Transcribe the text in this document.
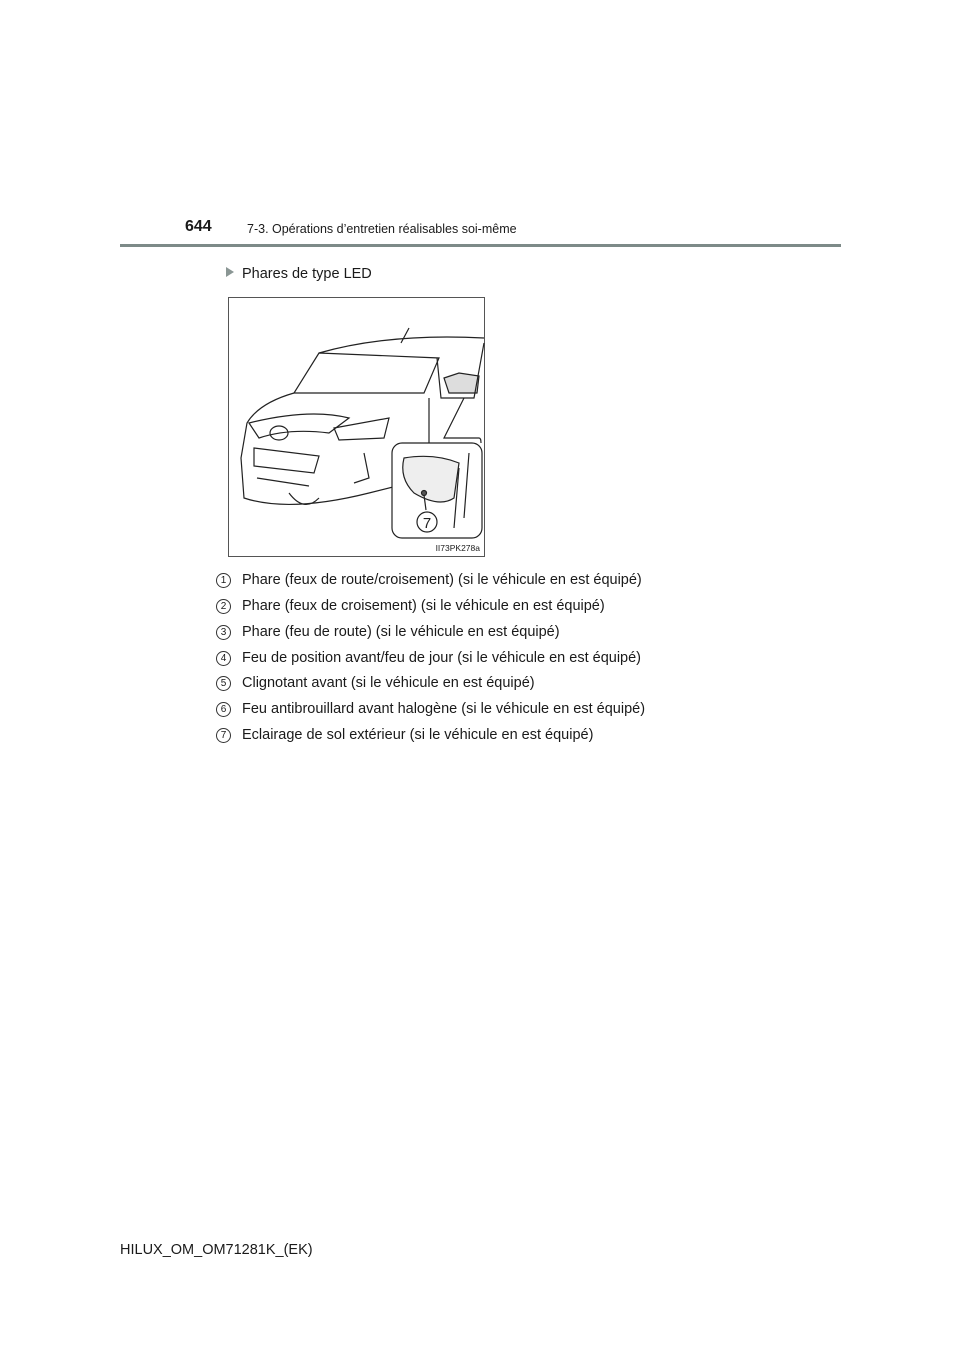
644	7-3. Opérations d’entretien réalisables soi-même
Phares de type LED
7
II73PK278a
1 Phare (feux de route/croisement) (si le véhicule en est équipé)
2 Phare (feux de croisement) (si le véhicule en est équipé)
3 Phare (feu de route) (si le véhicule en est équipé)
4 Feu de position avant/feu de jour (si le véhicule en est équipé)
5 Clignotant avant (si le véhicule en est équipé)
6 Feu antibrouillard avant halogène (si le véhicule en est équipé)
7 Eclairage de sol extérieur (si le véhicule en est équipé)
HILUX_OM_OM71281K_(EK)
